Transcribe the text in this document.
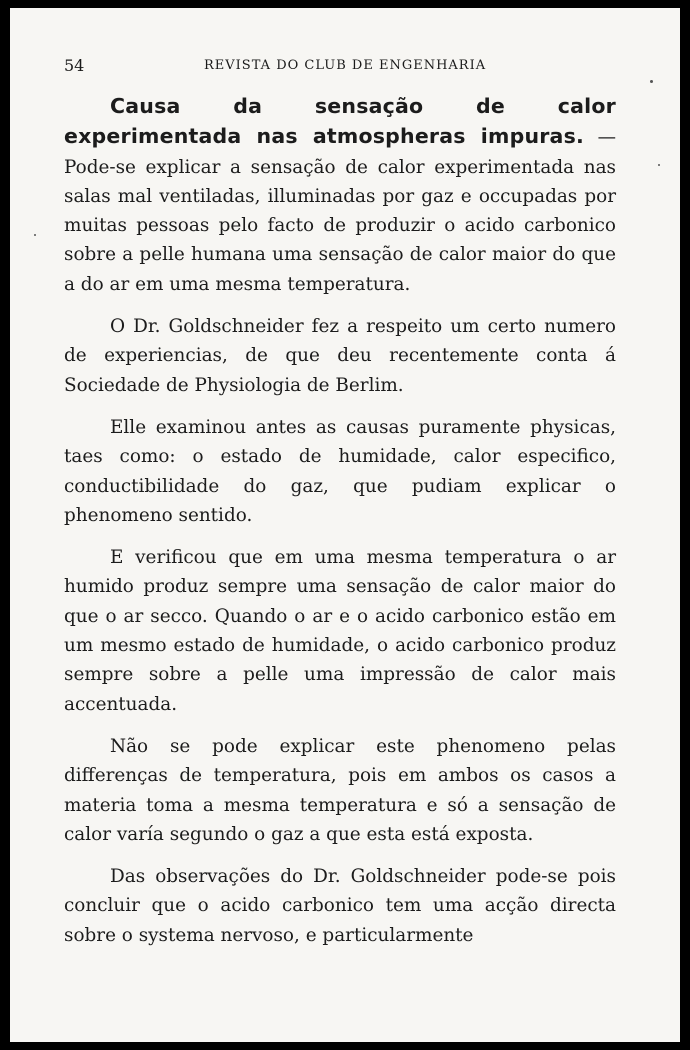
54	REVISTA DO CLUB DE ENGENHARIA

Causa da sensação de calor experimentada nas atmospheras impuras. — Pode-se explicar a sensação de calor experimentada nas salas mal ventiladas, illuminadas por gaz e occupadas por muitas pessoas pelo facto de produzir o acido carbonico sobre a pelle humana uma sensação de calor maior do que a do ar em uma mesma temperatura.

O Dr. Goldschneider fez a respeito um certo numero de experiencias, de que deu recentemente conta á Sociedade de Physiologia de Berlim.

Elle examinou antes as causas puramente physicas, taes como: o estado de humidade, calor especifico, conductibilidade do gaz, que pudiam explicar o phenomeno sentido.

E verificou que em uma mesma temperatura o ar humido produz sempre uma sensação de calor maior do que o ar secco. Quando o ar e o acido carbonico estão em um mesmo estado de humidade, o acido carbonico produz sempre sobre a pelle uma impressão de calor mais accentuada.

Não se pode explicar este phenomeno pelas differenças de temperatura, pois em ambos os casos a materia toma a mesma temperatura e só a sensação de calor varía segundo o gaz a que esta está exposta.

Das observações do Dr. Goldschneider pode-se pois concluir que o acido carbonico tem uma acção directa sobre o systema nervoso, e particularmente
